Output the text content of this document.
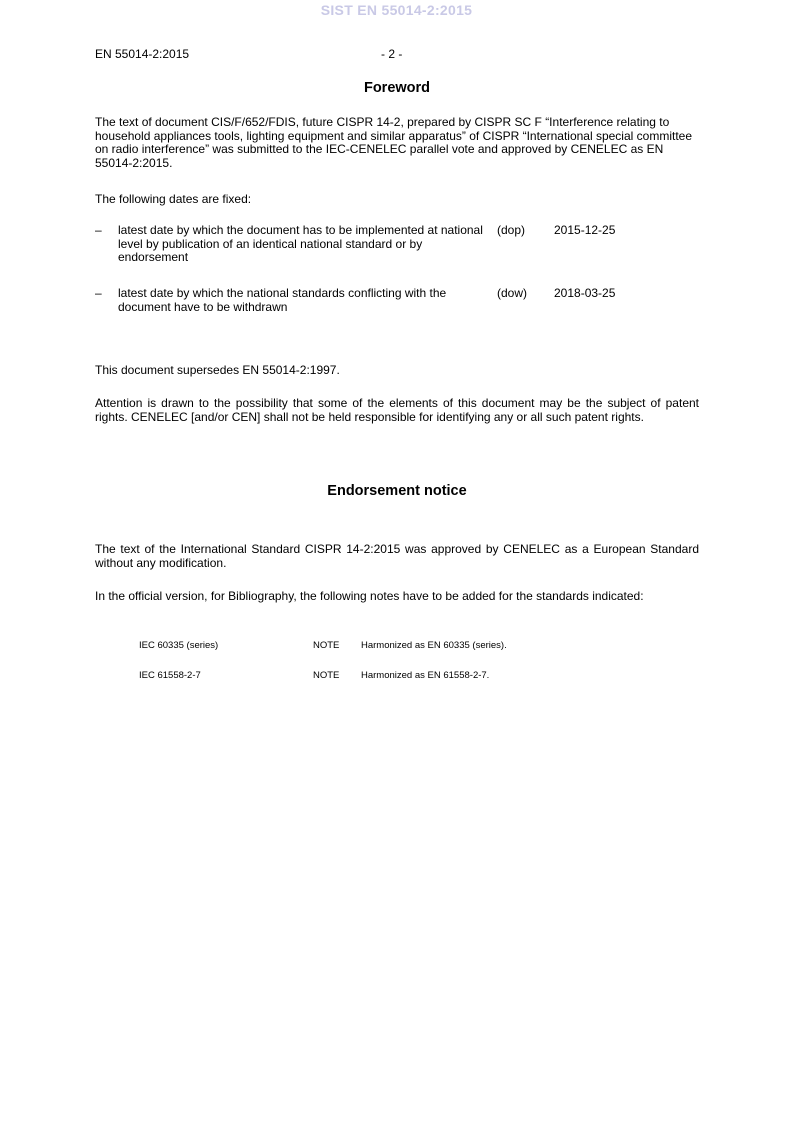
SIST EN 55014-2:2015
EN 55014-2:2015	- 2 -
Foreword

The text of document CIS/F/652/FDIS, future CISPR 14-2, prepared by CISPR SC F “Interference relating to household appliances tools, lighting equipment and similar apparatus” of CISPR “International special committee on radio interference” was submitted to the IEC-CENELEC parallel vote and approved by CENELEC as EN 55014-2:2015.

The following dates are fixed:

– latest date by which the document has to be implemented at national level by publication of an identical national standard or by endorsement
(dop) 2015-12-25
– latest date by which the national standards conflicting with the document have to be withdrawn
(dow) 2018-03-25

This document supersedes EN 55014-2:1997.

Attention is drawn to the possibility that some of the elements of this document may be the subject of patent rights. CENELEC [and/or CEN] shall not be held responsible for identifying any or all such patent rights.

Endorsement notice

The text of the International Standard CISPR 14-2:2015 was approved by CENELEC as a European Standard without any modification.

In the official version, for Bibliography, the following notes have to be added for the standards indicated:

IEC 60335 (series)	NOTE Harmonized as EN 60335 (series).
IEC 61558-2-7	NOTE Harmonized as EN 61558-2-7.
